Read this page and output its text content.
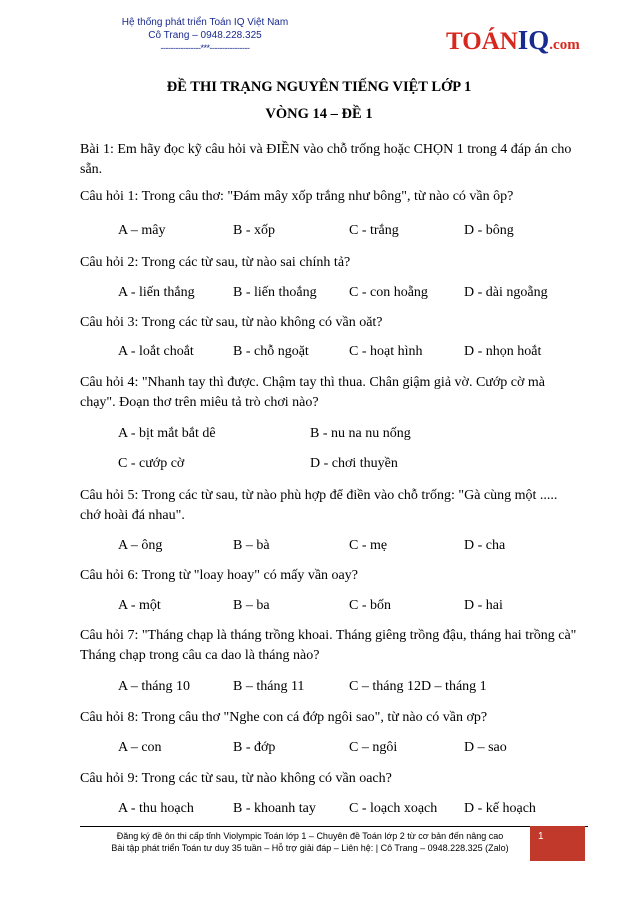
Hệ thống phát triển Toán IQ Việt Nam
Cô Trang – 0948.228.325
----------------***----------------	TOÁNIQ.com
ĐỀ THI TRẠNG NGUYÊN TIẾNG VIỆT LỚP 1
VÒNG 14 – ĐỀ 1
Bài 1: Em hãy đọc kỹ câu hỏi và ĐIỀN vào chỗ trống hoặc CHỌN 1 trong 4 đáp án cho sẵn.
Câu hỏi 1: Trong câu thơ: "Đám mây xốp trắng như bông", từ nào có vần ôp?
A – mây	B - xốp	C - trắng	D - bông
Câu hỏi 2: Trong các từ sau, từ nào sai chính tả?
A - liến thắng	B - liến thoắng C - con hoẵng	D - dài ngoẵng
Câu hỏi 3: Trong các từ sau, từ nào không có vần oăt?
A - loắt choắt	B - chỗ ngoặt	C - hoạt hình	D - nhọn hoắt
Câu hỏi 4: "Nhanh tay thì được. Chậm tay thì thua. Chân giậm giả vờ. Cướp cờ mà chạy". Đoạn thơ trên miêu tả trò chơi nào?
A - bịt mắt bắt dê	B - nu na nu nống
C - cướp cờ	D - chơi thuyền
Câu hỏi 5: Trong các từ sau, từ nào phù hợp để điền vào chỗ trống: "Gà cùng một ..... chớ hoài đá nhau".
A – ông	B – bà	C - mẹ	D - cha
Câu hỏi 6: Trong từ "loay hoay" có mấy vần oay?
A - một	B – ba	C - bốn	D - hai
Câu hỏi 7: "Tháng chạp là tháng trồng khoai. Tháng giêng trồng đậu, tháng hai trồng cà" Tháng chạp trong câu ca dao là tháng nào?
A – tháng 10	B – tháng 11	C – tháng 12D – tháng 1
Câu hỏi 8: Trong câu thơ "Nghe con cá đớp ngôi sao", từ nào có vần ơp?
A – con	B - đớp	C – ngôi	D – sao
Câu hỏi 9: Trong các từ sau, từ nào không có vần oach?
A - thu hoạch	B - khoanh tay C - loạch xoạch D - kế hoạch
Đăng ký đề ôn thi cấp tỉnh Violympic Toán lớp 1 – Chuyên đề Toán lớp 2 từ cơ bản đến nâng cao
Bài tập phát triển Toán tư duy 35 tuần – Hỗ trợ giải đáp – Liên hệ: | Cô Trang – 0948.228.325 (Zalo)
1
